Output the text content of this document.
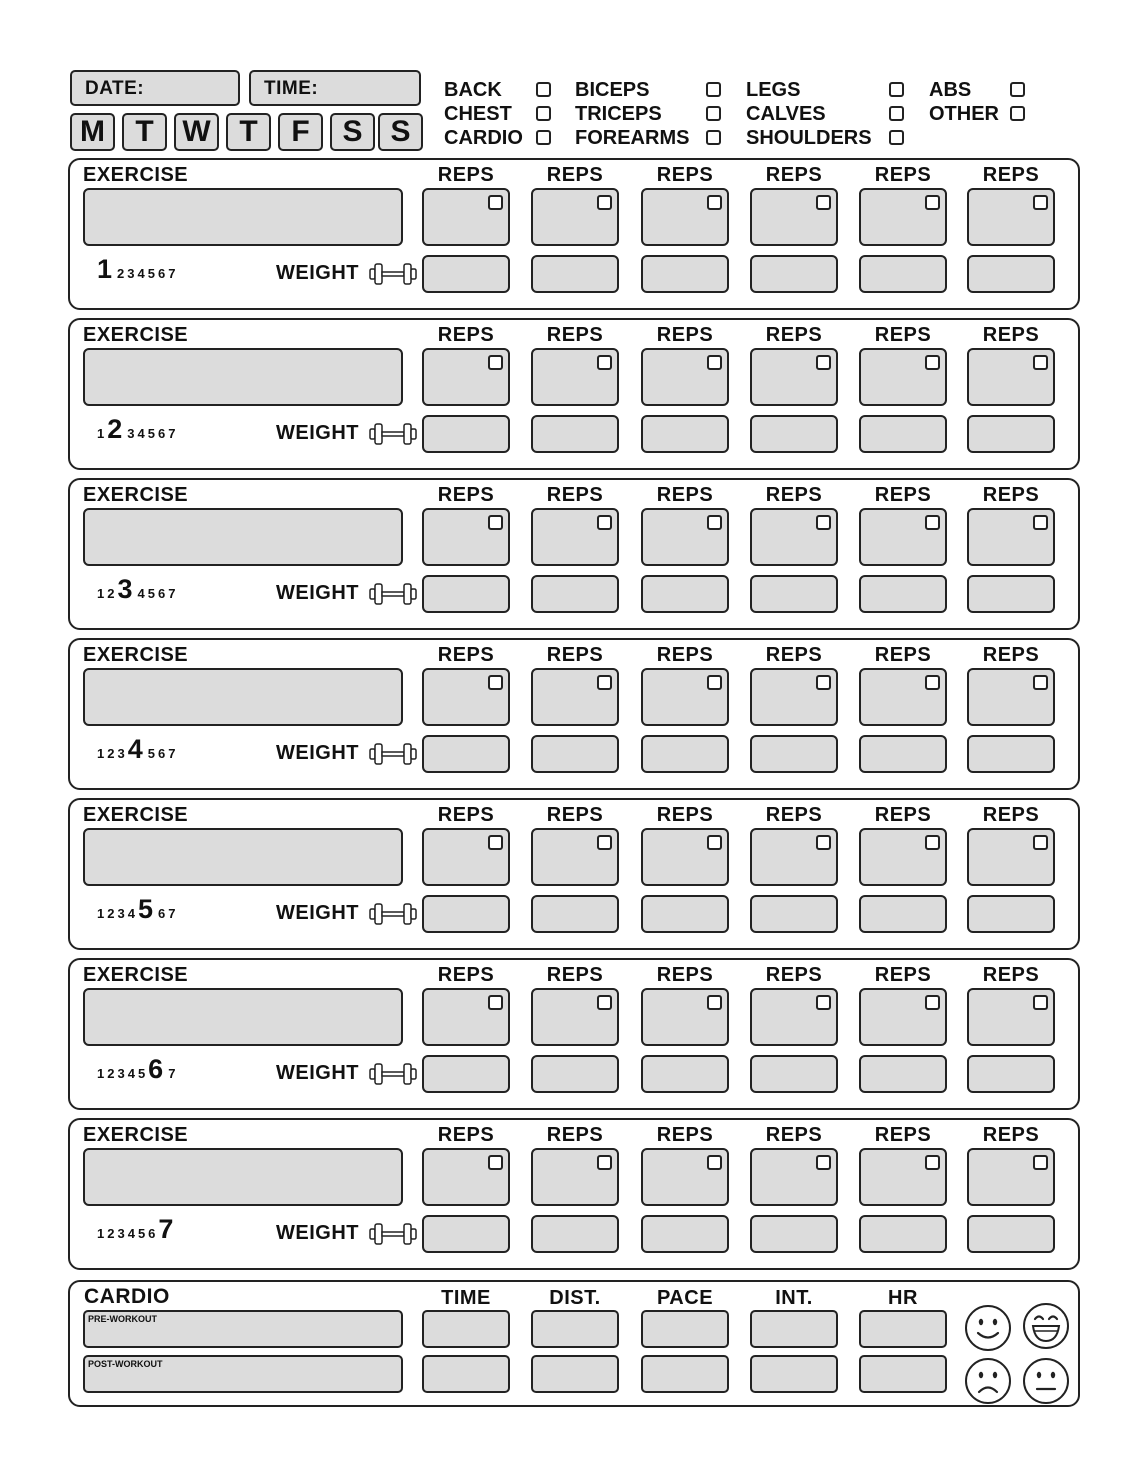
DATE:	TIME:
M	T W T	F	S S
BACK
CHEST
CARDIO
BICEPS
TRICEPS
FOREARMS
LEGS
CALVES
SHOULDERS
ABS
OTHER
EXERCISE	REPS	REPS	REPS	REPS	REPS	REPS
WEIGHT
1 2 3 4 5 6 7
EXERCISE	REPS	REPS	REPS	REPS	REPS	REPS
WEIGHT
1 2 3 4 5 6 7
EXERCISE	REPS	REPS	REPS	REPS	REPS	REPS
WEIGHT
1 2 3 4 5 6 7
EXERCISE	REPS	REPS	REPS	REPS	REPS	REPS
WEIGHT
1 2 3 4 5 6 7
EXERCISE	REPS	REPS	REPS	REPS	REPS	REPS
WEIGHT
1 2 3 4 5 6 7
EXERCISE	REPS	REPS	REPS	REPS	REPS	REPS
WEIGHT
1 2 3 4 5 6 7
EXERCISE	REPS	REPS	REPS	REPS	REPS	REPS
WEIGHT
1 2 3 4 5 6 7
CARDIO
PRE-WORKOUT
POST-WORKOUT
TIME	DIST.	PACE	INT.	HR
